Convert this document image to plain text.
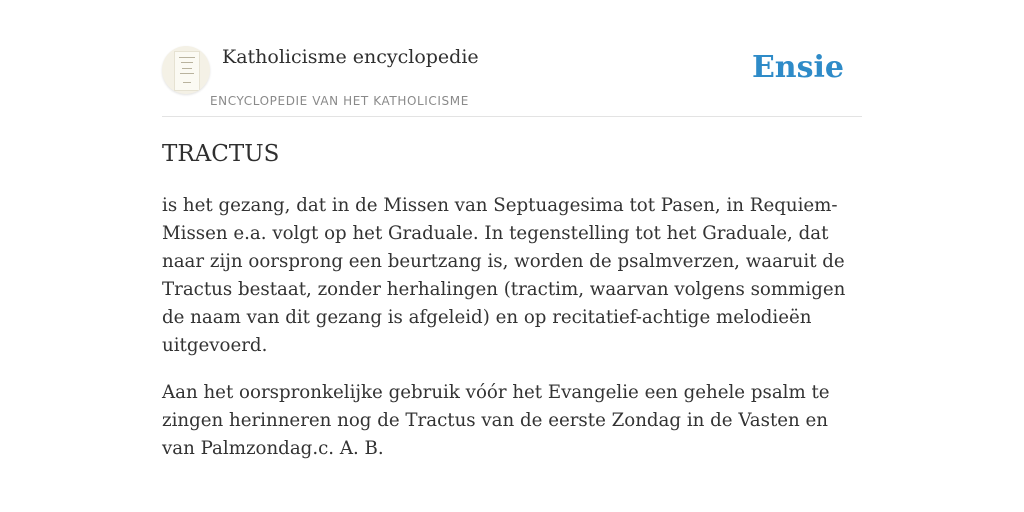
Katholicisme encyclopedie
ENCYCLOPEDIE VAN HET KATHOLICISME
Ensie
TRACTUS

is het gezang, dat in de Missen van Septuagesima tot Pasen, in Requiem-Missen e.a. volgt op het Graduale. In tegenstelling tot het Graduale, dat naar zijn oorsprong een beurtzang is, worden de psalmverzen, waaruit de Tractus bestaat, zonder herhalingen (tractim, waarvan volgens sommigen de naam van dit gezang is afgeleid) en op recitatief-achtige melodieën uitgevoerd.

Aan het oorspronkelijke gebruik vóór het Evangelie een gehele psalm te zingen herinneren nog de Tractus van de eerste Zondag in de Vasten en van Palmzondag.c. A. B.
